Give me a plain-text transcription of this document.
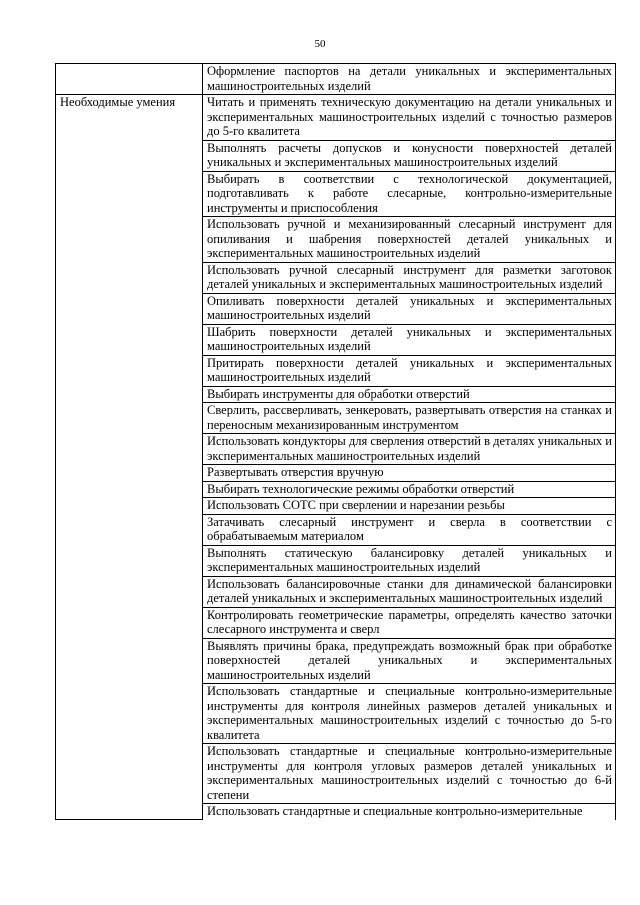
50
	Оформление паспортов на детали уникальных и экспериментальных машиностроительных изделий
Необходимые умения	Читать и применять техническую документацию на детали уникальных и экспериментальных машиностроительных изделий с точностью размеров до 5-го квалитета
	Выполнять расчеты допусков и конусности поверхностей деталей уникальных и экспериментальных машиностроительных изделий
	Выбирать в соответствии с технологической документацией, подготавливать к работе слесарные, контрольно-измерительные инструменты и приспособления
	Использовать ручной и механизированный слесарный инструмент для опиливания и шабрения поверхностей деталей уникальных и экспериментальных машиностроительных изделий
	Использовать ручной слесарный инструмент для разметки заготовок деталей уникальных и экспериментальных машиностроительных изделий
	Опиливать поверхности деталей уникальных и экспериментальных машиностроительных изделий
	Шабрить поверхности деталей уникальных и экспериментальных машиностроительных изделий
	Притирать поверхности деталей уникальных и экспериментальных машиностроительных изделий
	Выбирать инструменты для обработки отверстий
	Сверлить, рассверливать, зенкеровать, развертывать отверстия на станках и переносным механизированным инструментом
	Использовать кондукторы для сверления отверстий в деталях уникальных и экспериментальных машиностроительных изделий
	Развертывать отверстия вручную
	Выбирать технологические режимы обработки отверстий
	Использовать СОТС при сверлении и нарезании резьбы
	Затачивать слесарный инструмент и сверла в соответствии с обрабатываемым материалом
	Выполнять статическую балансировку деталей уникальных и экспериментальных машиностроительных изделий
	Использовать балансировочные станки для динамической балансировки деталей уникальных и экспериментальных машиностроительных изделий
	Контролировать геометрические параметры, определять качество заточки слесарного инструмента и сверл
	Выявлять причины брака, предупреждать возможный брак при обработке поверхностей деталей уникальных и экспериментальных машиностроительных изделий
	Использовать стандартные и специальные контрольно-измерительные инструменты для контроля линейных размеров деталей уникальных и экспериментальных машиностроительных изделий с точностью до 5-го квалитета
	Использовать стандартные и специальные контрольно-измерительные инструменты для контроля угловых размеров деталей уникальных и экспериментальных машиностроительных изделий с точностью до 6-й степени
	Использовать стандартные и специальные контрольно-измерительные
